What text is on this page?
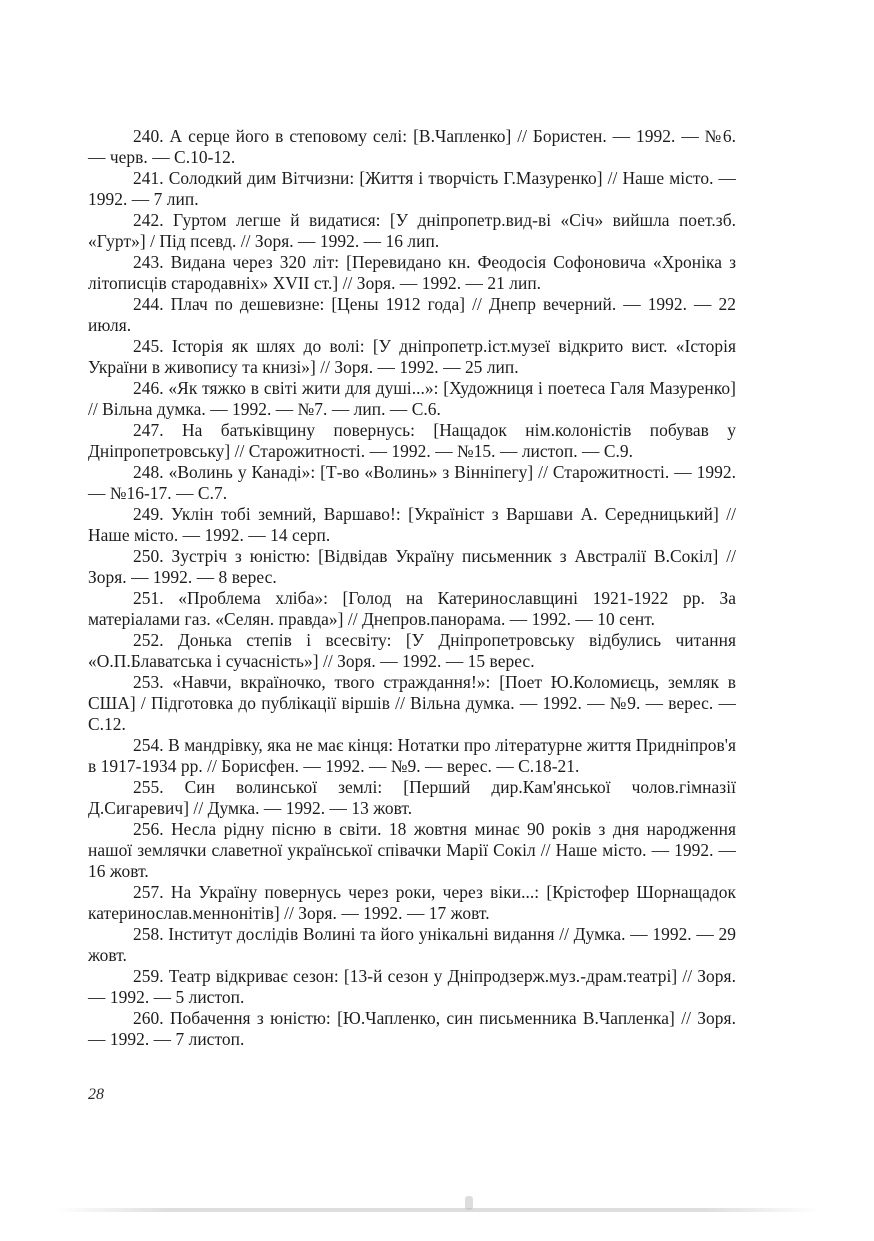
240. А серце його в степовому селі: [В.Чапленко] // Бористен. — 1992. — №6. — черв. — С.10-12.

241. Солодкий дим Вітчизни: [Життя і творчість Г.Мазуренко] // Наше місто. — 1992. — 7 лип.

242. Гуртом легше й видатися: [У дніпропетр.вид-ві «Січ» вийшла поет.зб. «Гурт»] / Під псевд. // Зоря. — 1992. — 16 лип.

243. Видана через 320 літ: [Перевидано кн. Феодосія Софоновича «Хроніка з літописців стародавніх» XVII ст.] // Зоря. — 1992. — 21 лип.

244. Плач по дешевизне: [Цены 1912 года] // Днепр вечерний. — 1992. — 22 июля.

245. Історія як шлях до волі: [У дніпропетр.іст.музеї відкрито вист. «Історія України в живопису та книзі»] // Зоря. — 1992. — 25 лип.

246. «Як тяжко в світі жити для душі...»: [Художниця і поетеса Галя Мазуренко] // Вільна думка. — 1992. — №7. — лип. — С.6.

247. На батьківщину повернусь: [Нащадок нім.колоністів побував у Дніпропетровську] // Старожитності. — 1992. — №15. — листоп. — С.9.

248. «Волинь у Канаді»: [Т-во «Волинь» з Вінніпегу] // Старожитності. — 1992. — №16-17. — С.7.

249. Уклін тобі земний, Варшаво!: [Україніст з Варшави А. Середницький] // Наше місто. — 1992. — 14 серп.

250. Зустріч з юністю: [Відвідав Україну письменник з Австралії В.Сокіл] // Зоря. — 1992. — 8 верес.

251. «Проблема хліба»: [Голод на Катеринославщині 1921-1922 рр. За матеріалами газ. «Селян. правда»] // Днепров.панорама. — 1992. — 10 сент.

252. Донька степів і всесвіту: [У Дніпропетровську відбулись читання «О.П.Блаватська і сучасність»] // Зоря. — 1992. — 15 верес.

253. «Навчи, вкраїночко, твого страждання!»: [Поет Ю.Коломиєць, земляк в США] / Підготовка до публікації віршів // Вільна думка. — 1992. — №9. — верес. — С.12.

254. В мандрівку, яка не має кінця: Нотатки про літературне життя Придніпров'я в 1917-1934 рр. // Борисфен. — 1992. — №9. — верес. — С.18-21.

255. Син волинської землі: [Перший дир.Кам'янської чолов.гімназії Д.Сигаревич] // Думка. — 1992. — 13 жовт.

256. Несла рідну пісню в світи. 18 жовтня минає 90 років з дня народження нашої землячки славетної української співачки Марії Сокіл // Наше місто. — 1992. — 16 жовт.

257. На Україну повернусь через роки, через віки...: [Крістофер Шорнащадок катеринослав.меннонітів] // Зоря. — 1992. — 17 жовт.

258. Інститут дослідів Волині та його унікальні видання // Думка. — 1992. — 29 жовт.

259. Театр відкриває сезон: [13-й сезон у Дніпродзерж.муз.-драм.театрі] // Зоря. — 1992. — 5 листоп.

260. Побачення з юністю: [Ю.Чапленко, син письменника В.Чапленка] // Зоря. — 1992. — 7 листоп.

28
